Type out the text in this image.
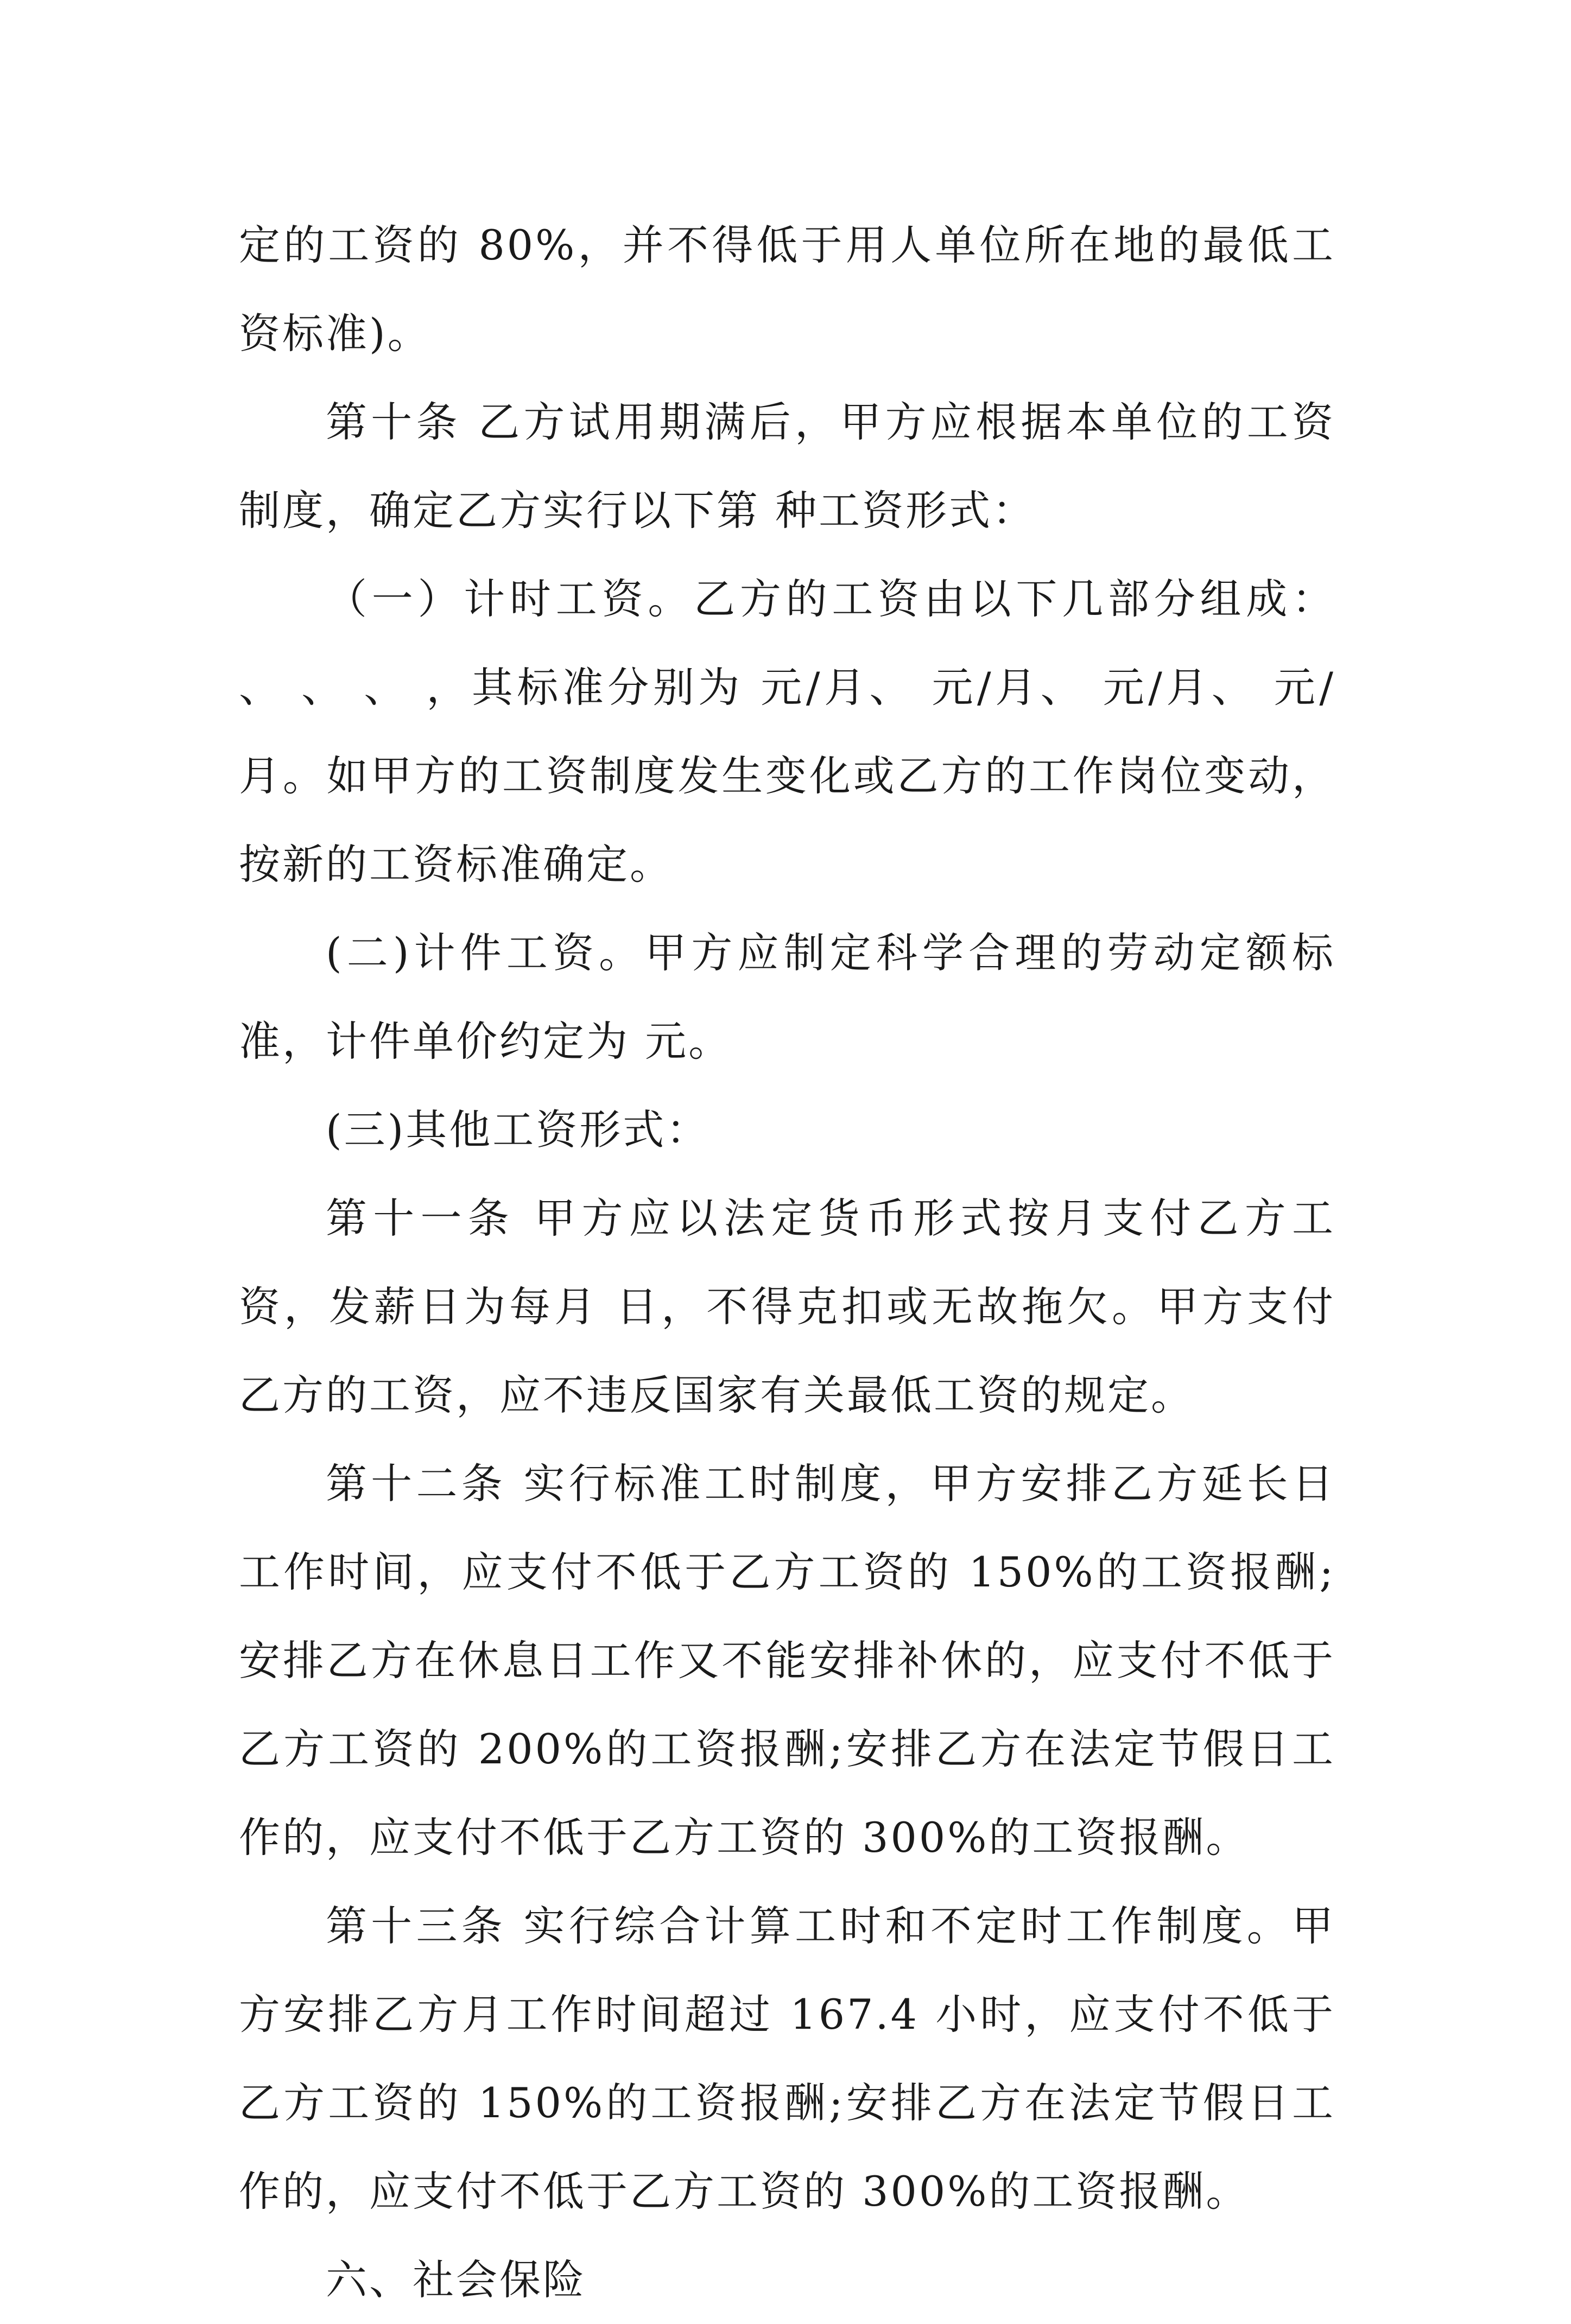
定的工资的 80%，并不得低于用人单位所在地的最低工资标准)。

第十条 乙方试用期满后，甲方应根据本单位的工资制度，确定乙方实行以下第 种工资形式：

（一）计时工资。乙方的工资由以下几部分组成： 、 、 、 ，其标准分别为 元/月、 元/月、 元/月、 元/月。如甲方的工资制度发生变化或乙方的工作岗位变动，按新的工资标准确定。

(二)计件工资。甲方应制定科学合理的劳动定额标准，计件单价约定为 元。

(三)其他工资形式：

第十一条 甲方应以法定货币形式按月支付乙方工资，发薪日为每月 日，不得克扣或无故拖欠。甲方支付乙方的工资，应不违反国家有关最低工资的规定。

第十二条 实行标准工时制度，甲方安排乙方延长日工作时间，应支付不低于乙方工资的 150%的工资报酬;安排乙方在休息日工作又不能安排补休的，应支付不低于乙方工资的 200%的工资报酬;安排乙方在法定节假日工作的，应支付不低于乙方工资的 300%的工资报酬。

第十三条 实行综合计算工时和不定时工作制度。甲方安排乙方月工作时间超过 167.4 小时，应支付不低于乙方工资的 150%的工资报酬;安排乙方在法定节假日工作的，应支付不低于乙方工资的 300%的工资报酬。

六、社会保险
